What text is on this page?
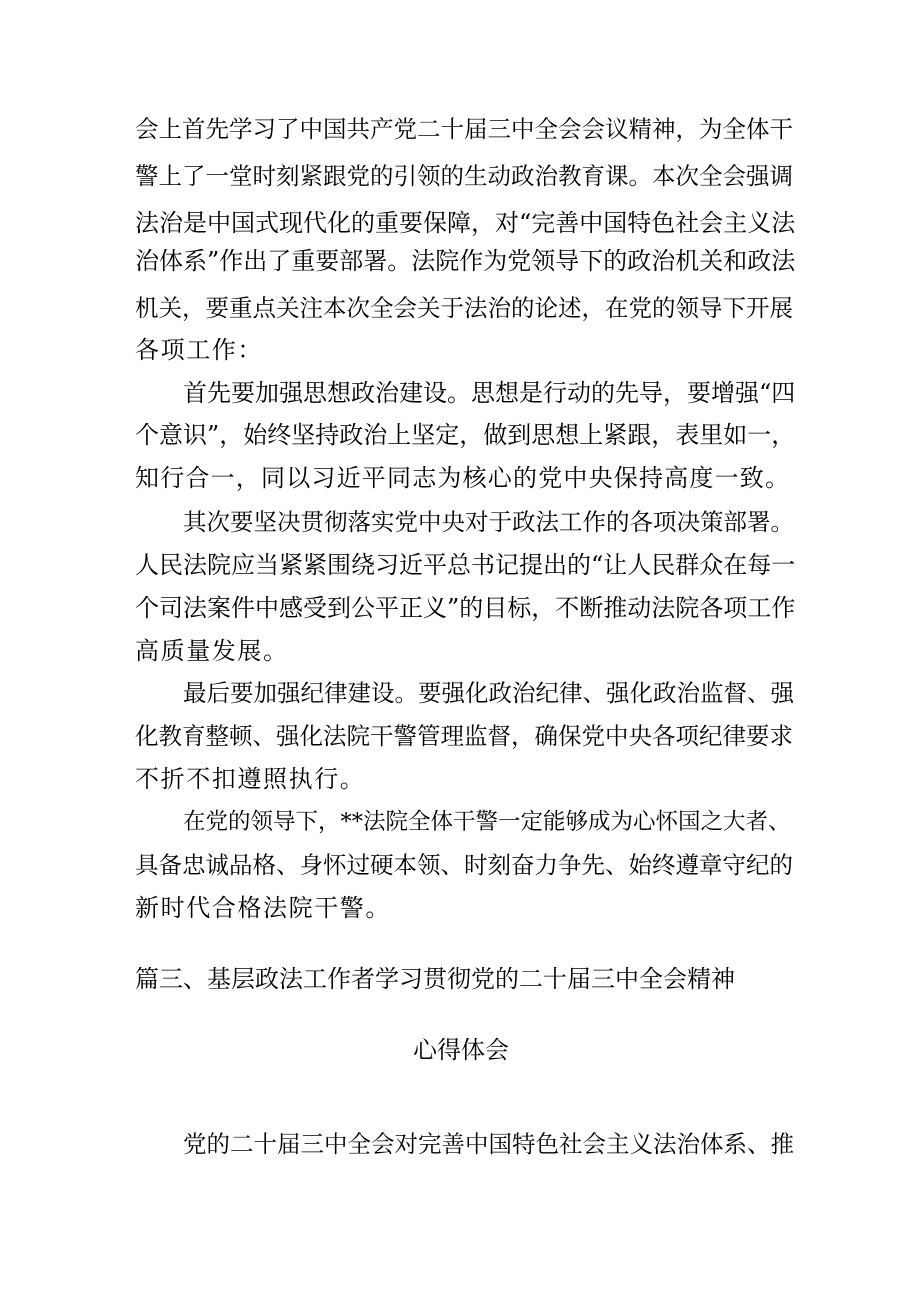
会上首先学习了中国共产党二十届三中全会会议精神，为全体干
警上了一堂时刻紧跟党的引领的生动政治教育课。本次全会强调
法治是中国式现代化的重要保障，对“完善中国特色社会主义法
治体系”作出了重要部署。法院作为党领导下的政治机关和政法
机关，要重点关注本次全会关于法治的论述，在党的领导下开展
各项工作：
首先要加强思想政治建设。思想是行动的先导，要增强“四
个意识”，始终坚持政治上坚定，做到思想上紧跟，表里如一，
知行合一，同以习近平同志为核心的党中央保持高度一致。
其次要坚决贯彻落实党中央对于政法工作的各项决策部署。
人民法院应当紧紧围绕习近平总书记提出的“让人民群众在每一
个司法案件中感受到公平正义”的目标，不断推动法院各项工作
高质量发展。
最后要加强纪律建设。要强化政治纪律、强化政治监督、强
化教育整顿、强化法院干警管理监督，确保党中央各项纪律要求
不折不扣遵照执行。
在党的领导下，**法院全体干警一定能够成为心怀国之大者、
具备忠诚品格、身怀过硬本领、时刻奋力争先、始终遵章守纪的
新时代合格法院干警。
篇三、基层政法工作者学习贯彻党的二十届三中全会精神
心得体会
党的二十届三中全会对完善中国特色社会主义法治体系、推
